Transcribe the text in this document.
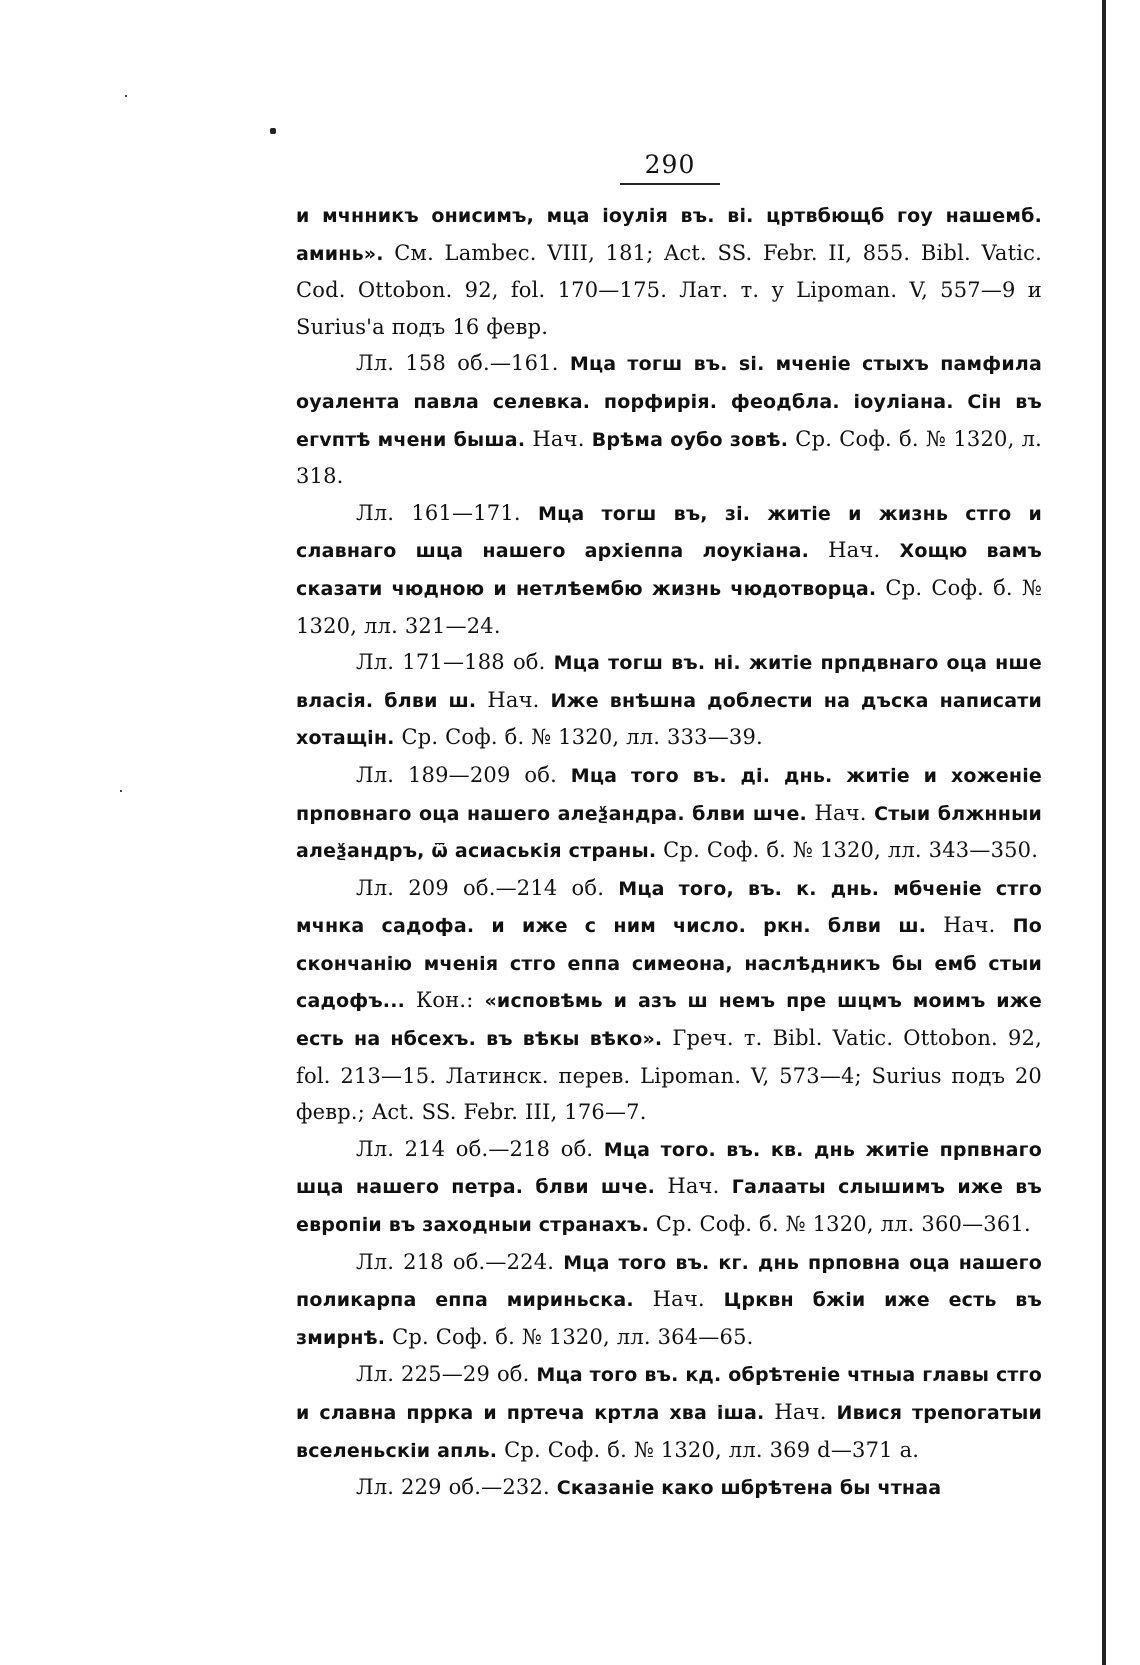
290

и мчнникъ онисимъ, мца іоулія въ. ві. цртвбющб гоу нашемб. аминь». См. Lambec. VIII, 181; Act. SS. Febr. II, 855. Bibl. Vatic. Cod. Ottobon. 92, fol. 170—175. Лат. т. у Lipoman. V, 557—9 и Surius'а подъ 16 февр.

Лл. 158 об.—161. Мца тогш въ. ѕі. мченіе стыхъ памфила оуалента павла селевка. порфирія. феодбла. іоуліана. Сін въ егvптѣ мчени быша. Нач. Врѣма оубо зовѣ. Ср. Соф. б. № 1320, л. 318.

Лл. 161—171. Мца тогш въ, зі. житіе и жизнь стго и славнаго шца нашего архіеппа лоукіана. Нач. Хощю вамъ сказати чюдною и нетлѣембю жизнь чюдотворца. Ср. Соф. б. № 1320, лл. 321—24.

Лл. 171—188 об. Мца тогш въ. ні. житіе прпдвнаго оца нше власія. блви ш. Нач. Иже внѣшна доблести на дъска написати хотащін. Ср. Соф. б. № 1320, лл. 333—39.

Лл. 189—209 об. Мца того въ. ді. днь. житіе и хоженіе прповнаго оца нашего алеѯандра. блви шче. Нач. Стыи блжнныи алеѯандръ, ѿ асиаськія страны. Ср. Соф. б. № 1320, лл. 343—350.

Лл. 209 об.—214 об. Мца того, въ. к. днь. мбченіе стго мчнка садофа. и иже с ним число. ркн. блви ш. Нач. По скончанію мченія стго еппа симеона, наслѣдникъ бы емб стыи садофъ... Кон.: «исповѣмь и азъ ш немъ пре шцмъ моимъ иже есть на нбсехъ. въ вѣкы вѣко». Греч. т. Bibl. Vatic. Ottobon. 92, fol. 213—15. Латинск. перев. Lipoman. V, 573—4; Surius подъ 20 февр.; Act. SS. Febr. III, 176—7.

Лл. 214 об.—218 об. Мца того. въ. кв. днь житіе прпвнаго шца нашего петра. блви шче. Нач. Галааты слышимъ иже въ европіи въ заходныи странахъ. Ср. Соф. б. № 1320, лл. 360—361.

Лл. 218 об.—224. Мца того въ. кг. днь прповна оца нашего поликарпа еппа мириньска. Нач. Црквн бжіи иже есть въ змирнѣ. Ср. Соф. б. № 1320, лл. 364—65.

Лл. 225—29 об. Мца того въ. кд. обрѣтеніе чтныа главы стго и славна пррка и пртеча кртла хва ішa. Нач. Ивися трепогатыи вселеньскіи апль. Ср. Соф. б. № 1320, лл. 369 d—371 а.

Лл. 229 об.—232. Сказаніе како шбрѣтена бы чтнаа
